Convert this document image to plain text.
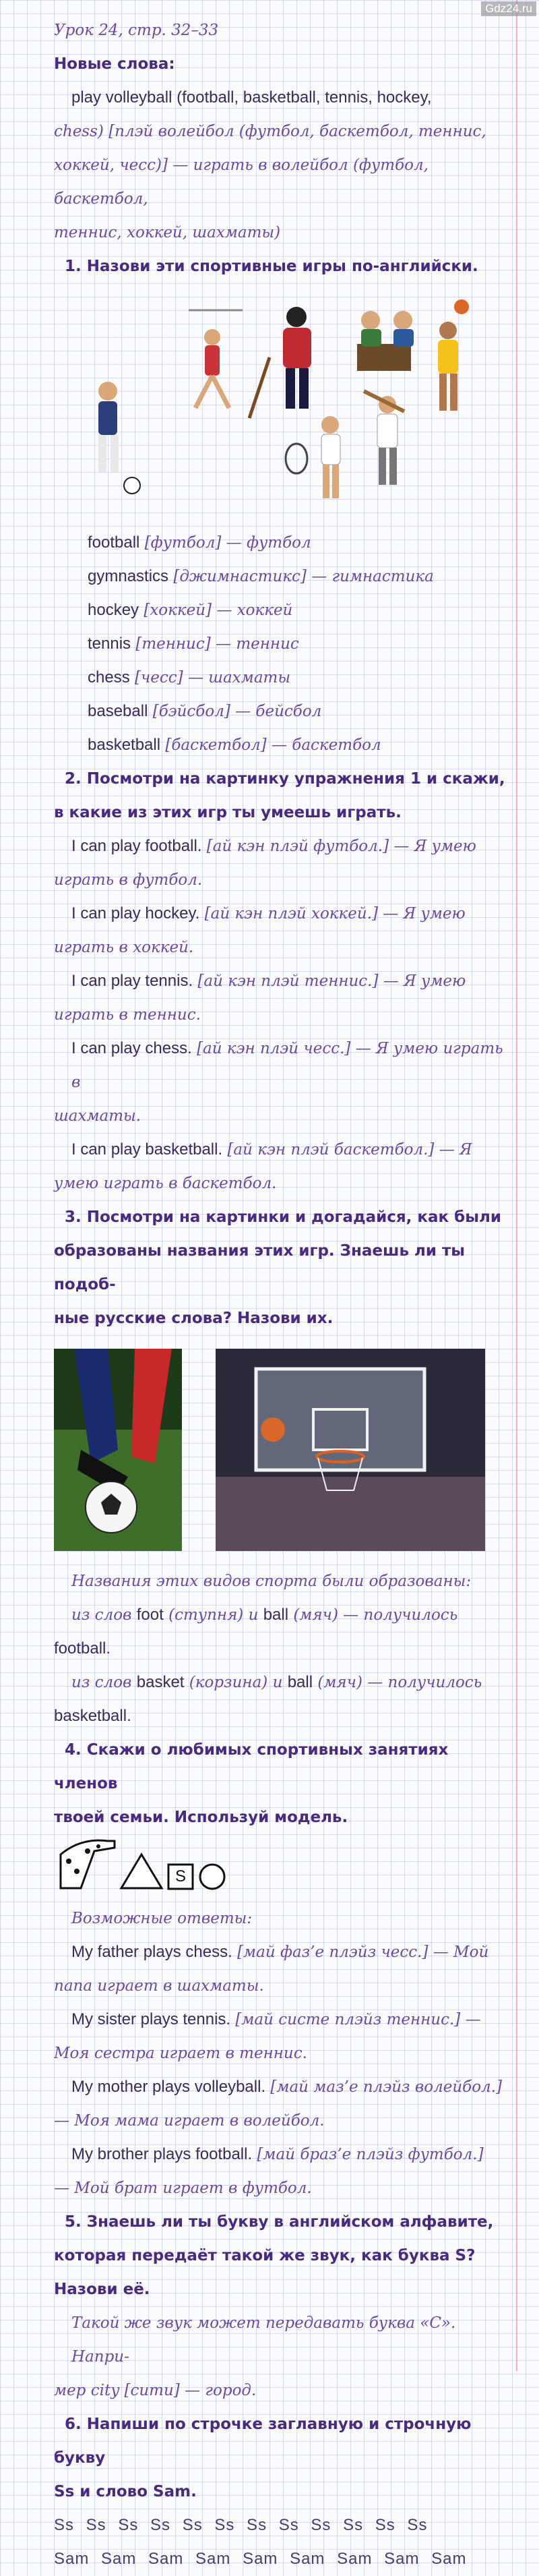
Gdz24.ru

Урок 24, стр. 32–33

Новые слова:

play volleyball (football, basketball, tennis, hockey,

chess) [плэй волейбол (футбол, баскетбол, теннис,

хоккей, чесс)] — играть в волейбол (футбол, баскетбол,

теннис, хоккей, шахматы)

1. Назови эти спортивные игры по-английски.

football [футбол] — футбол

gymnastics [джимнастикс] — гимнастика

hockey [хоккей] — хоккей

tennis [теннис] — теннис

chess [чесс] — шахматы

baseball [бэйсбол] — бейсбол

basketball [баскетбол] — баскетбол

2. Посмотри на картинку упражнения 1 и скажи,

в какие из этих игр ты умеешь играть.

I can play football. [ай кэн плэй футбол.] — Я умею

играть в футбол.

I can play hockey. [ай кэн плэй хоккей.] — Я умею

играть в хоккей.

I can play tennis. [ай кэн плэй теннис.] — Я умею

играть в теннис.

I can play chess. [ай кэн плэй чесс.] — Я умею играть в

шахматы.

I can play basketball. [ай кэн плэй баскетбол.] — Я

умею играть в баскетбол.

3. Посмотри на картинки и догадайся, как были

образованы названия этих игр. Знаешь ли ты подоб-

ные русские слова? Назови их.

Названия этих видов спорта были образованы:

из слов foot (ступня) и ball (мяч) — получилось

football.

из слов basket (корзина) и ball (мяч) — получилось

basketball.

4. Скажи о любимых спортивных занятиях членов

твоей семьи. Используй модель.

S

Возможные ответы:

My father plays chess. [май фаз’е плэйз чесс.] — Мой

папа играет в шахматы.

My sister plays tennis. [май систе плэйз теннис.] —

Моя сестра играет в теннис.

My mother plays volleyball. [май маз’е плэйз волейбол.]

— Моя мама играет в волейбол.

My brother plays football. [май браз’е плэйз футбол.]

— Мой брат играет в футбол.

5. Знаешь ли ты букву в английском алфавите,

которая передаёт такой же звук, как буква S?

Назови её.

Такой же звук может передавать буква «С». Напри-

мер city [сити] — город.

6. Напиши по строчке заглавную и строчную букву

Ss и слово Sam.

Ss Ss Ss Ss Ss Ss Ss Ss Ss Ss Ss Ss

Sam Sam Sam Sam Sam Sam Sam Sam Sam
